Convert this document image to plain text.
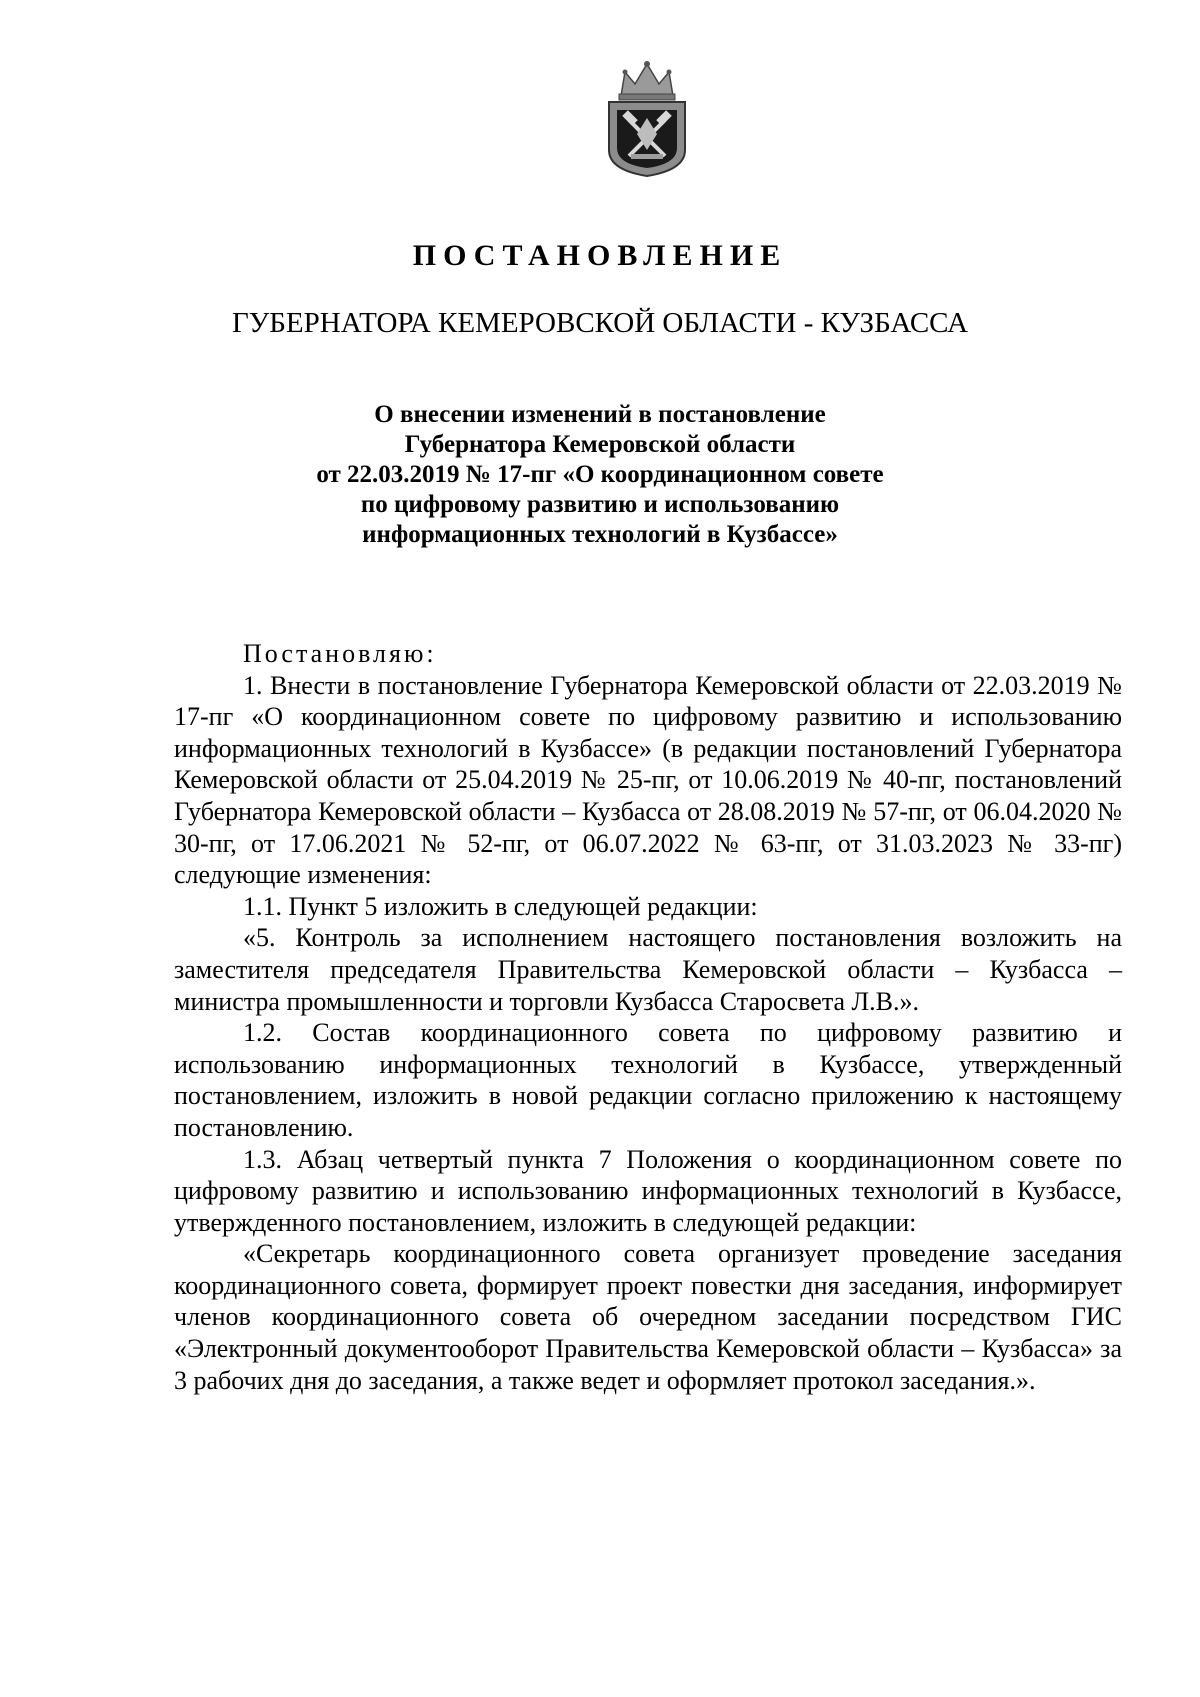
ПОСТАНОВЛЕНИЕ
ГУБЕРНАТОРА КЕМЕРОВСКОЙ ОБЛАСТИ - КУЗБАССА
О внесении изменений в постановление
Губернатора Кемеровской области
от 22.03.2019 № 17-пг «О координационном совете
по цифровому развитию и использованию
информационных технологий в Кузбассе»

Постановляю:

1. Внести в постановление Губернатора Кемеровской области от 22.03.2019 № 17-пг «О координационном совете по цифровому развитию и использованию информационных технологий в Кузбассе» (в редакции постановлений Губернатора Кемеровской области от 25.04.2019 № 25-пг, от 10.06.2019 № 40-пг, постановлений Губернатора Кемеровской области – Кузбасса от 28.08.2019 № 57-пг, от 06.04.2020 № 30-пг, от 17.06.2021 № 52-пг, от 06.07.2022 № 63-пг, от 31.03.2023 № 33-пг) следующие изменения:

1.1. Пункт 5 изложить в следующей редакции:

«5. Контроль за исполнением настоящего постановления возложить на заместителя председателя Правительства Кемеровской области – Кузбасса – министра промышленности и торговли Кузбасса Старосвета Л.В.».

1.2. Состав координационного совета по цифровому развитию и использованию информационных технологий в Кузбассе, утвержденный постановлением, изложить в новой редакции согласно приложению к настоящему постановлению.

1.3. Абзац четвертый пункта 7 Положения о координационном совете по цифровому развитию и использованию информационных технологий в Кузбассе, утвержденного постановлением, изложить в следующей редакции:

«Секретарь координационного совета организует проведение заседания координационного совета, формирует проект повестки дня заседания, информирует членов координационного совета об очередном заседании посредством ГИС «Электронный документооборот Правительства Кемеровской области – Кузбасса» за 3 рабочих дня до заседания, а также ведет и оформляет протокол заседания.».
